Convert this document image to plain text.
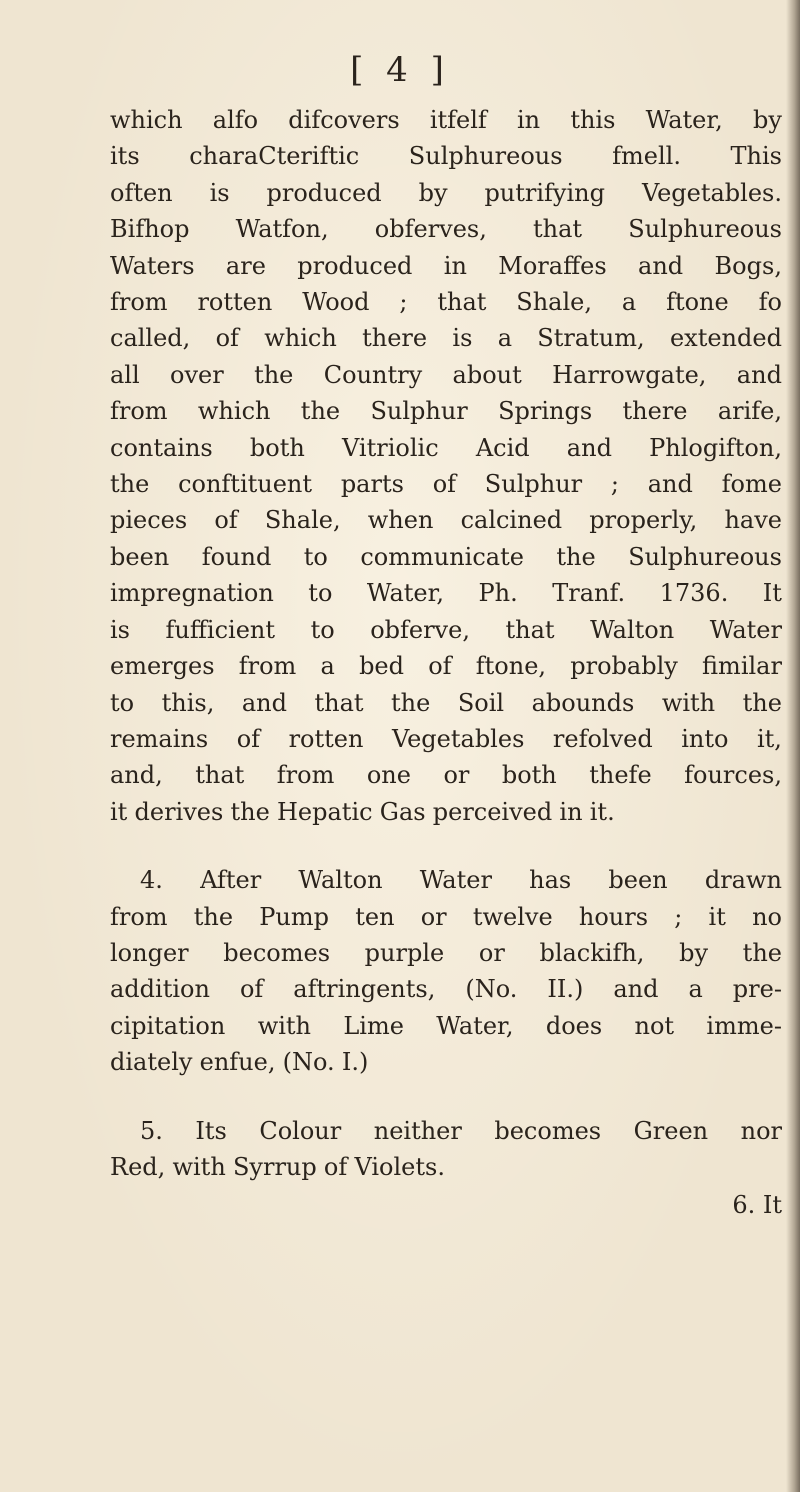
[ 4 ]
which alfo difcovers itfelf in this Water, by
its charaCteriftic Sulphureous fmell. This
often is produced by putrifying Vegetables.
Bifhop Watfon, obferves, that Sulphureous
Waters are produced in Moraffes and Bogs,
from rotten Wood ; that Shale, a ftone fo
called, of which there is a Stratum, extended
all over the Country about Harrowgate, and
from which the Sulphur Springs there arife,
contains both Vitriolic Acid and Phlogifton,
the conftituent parts of Sulphur ; and fome
pieces of Shale, when calcined properly, have
been found to communicate the Sulphureous
impregnation to Water, Ph. Tranf. 1736. It
is fufficient to obferve, that Walton Water
emerges from a bed of ftone, probably fimilar
to this, and that the Soil abounds with the
remains of rotten Vegetables refolved into it,
and, that from one or both thefe fources,
it derives the Hepatic Gas perceived in it.
4. After Walton Water has been drawn
from the Pump ten or twelve hours ; it no
longer becomes purple or blackifh, by the
addition of aftringents, (No. II.) and a pre-
cipitation with Lime Water, does not imme-
diately enfue, (No. I.)
5. Its Colour neither becomes Green nor
Red, with Syrrup of Violets.
6. It
